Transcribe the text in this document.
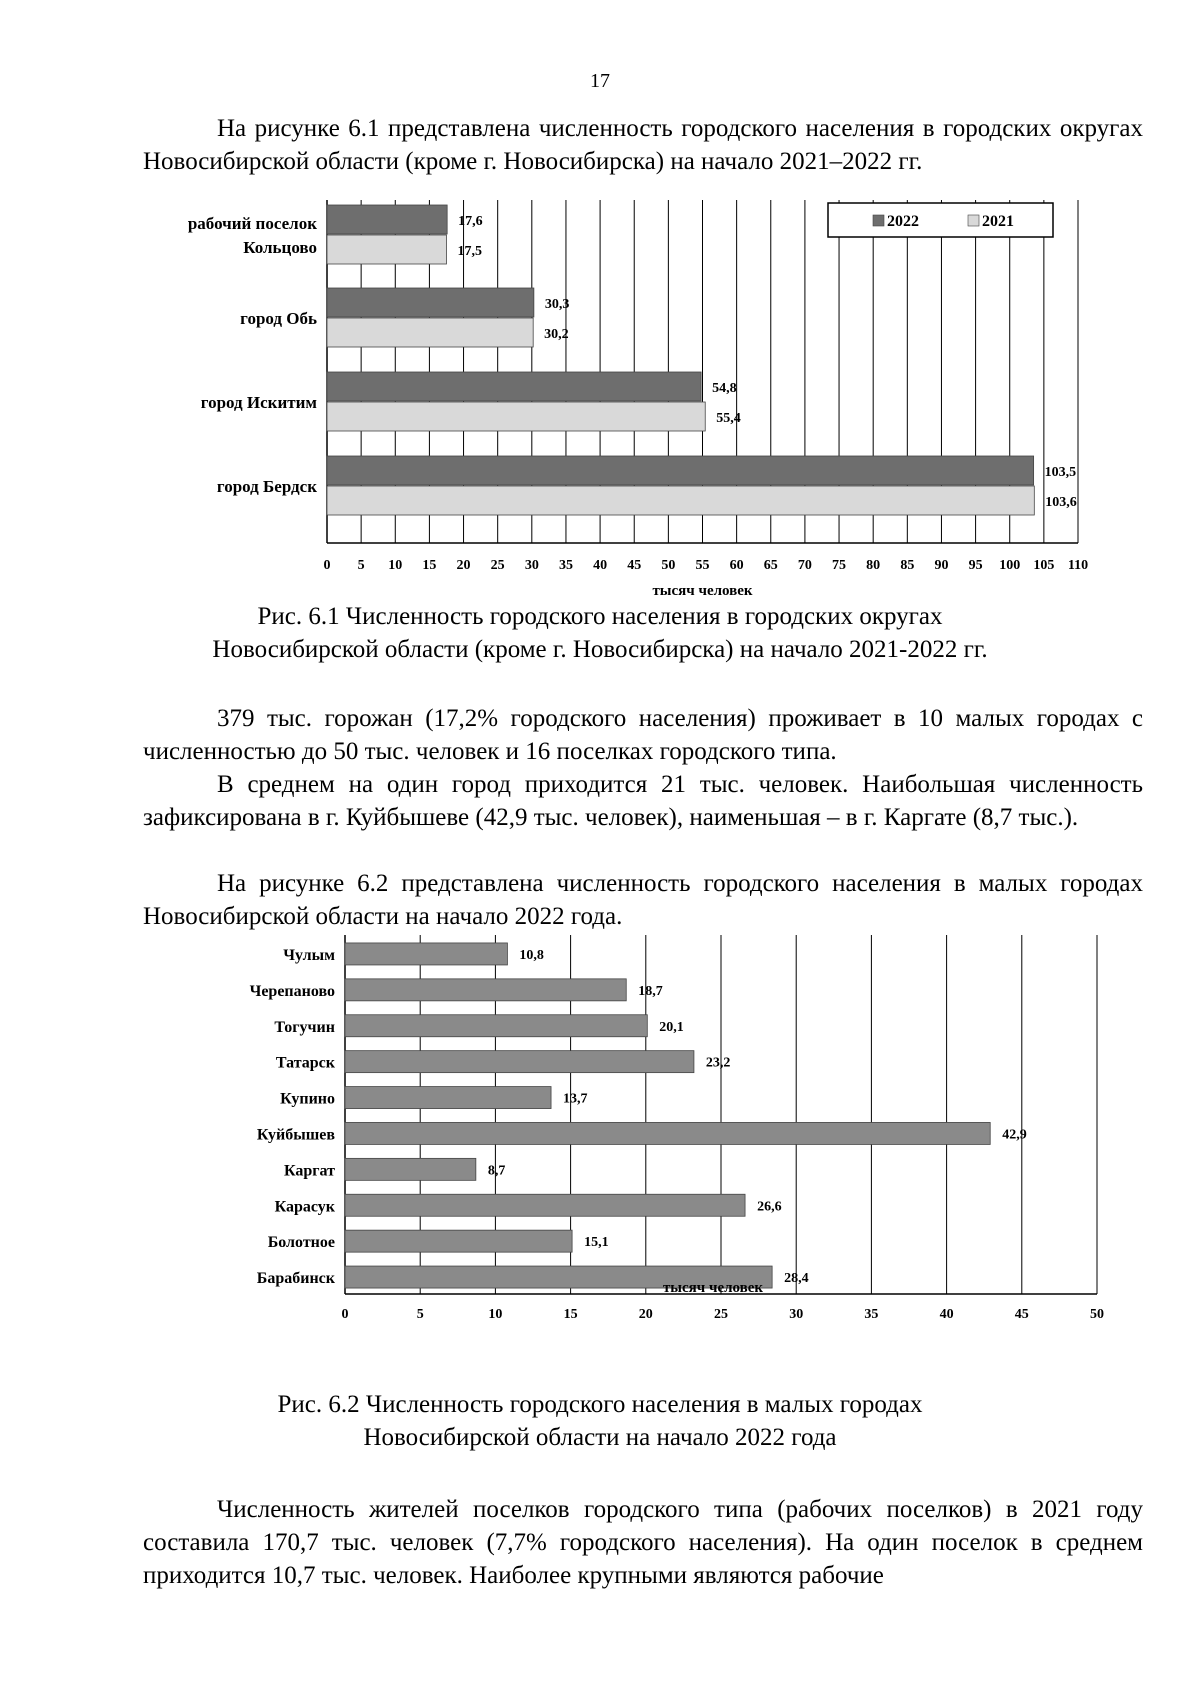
17

На рисунке 6.1 представлена численность городского населения в городских округах Новосибирской области (кроме г. Новосибирска) на начало 2021–2022 гг.

0 5 10 15 20 25 30 35 40 45 50 55 60 65 70 75 80 85 90 95 100 105 110
17,6
17,5
рабочий поселок
Кольцово
30,3
30,2
город Обь
54,8
55,4
город Искитим
103,5
103,6
город Бердск
тысяч человек
2022	2021

Рис. 6.1 Численность городского населения в городских округах

Новосибирской области (кроме г. Новосибирска) на начало 2021-2022 гг.

379 тыс. горожан (17,2% городского населения) проживает в 10 малых городах с численностью до 50 тыс. человек и 16 поселках городского типа.

В среднем на один город приходится 21 тыс. человек. Наибольшая численность зафиксирована в г. Куйбышеве (42,9 тыс. человек), наименьшая – в г. Каргате (8,7 тыс.).

На рисунке 6.2 представлена численность городского населения в малых городах Новосибирской области на начало 2022 года.

0	5	10	15	20	25	30	35	40	45	50
10,8
Чулым
18,7
Черепаново
20,1
Тогучин
23,2
Татарск
13,7
Купино
42,9
Куйбышев
8,7
Каргат
26,6
Карасук
15,1
Болотное
28,4
Барабинск
тысяч человек

Рис. 6.2 Численность городского населения в малых городах

Новосибирской области на начало 2022 года

Численность жителей поселков городского типа (рабочих поселков) в 2021 году составила 170,7 тыс. человек (7,7% городского населения). На один поселок в среднем приходится 10,7 тыс. человек. Наиболее крупными являются рабочие
